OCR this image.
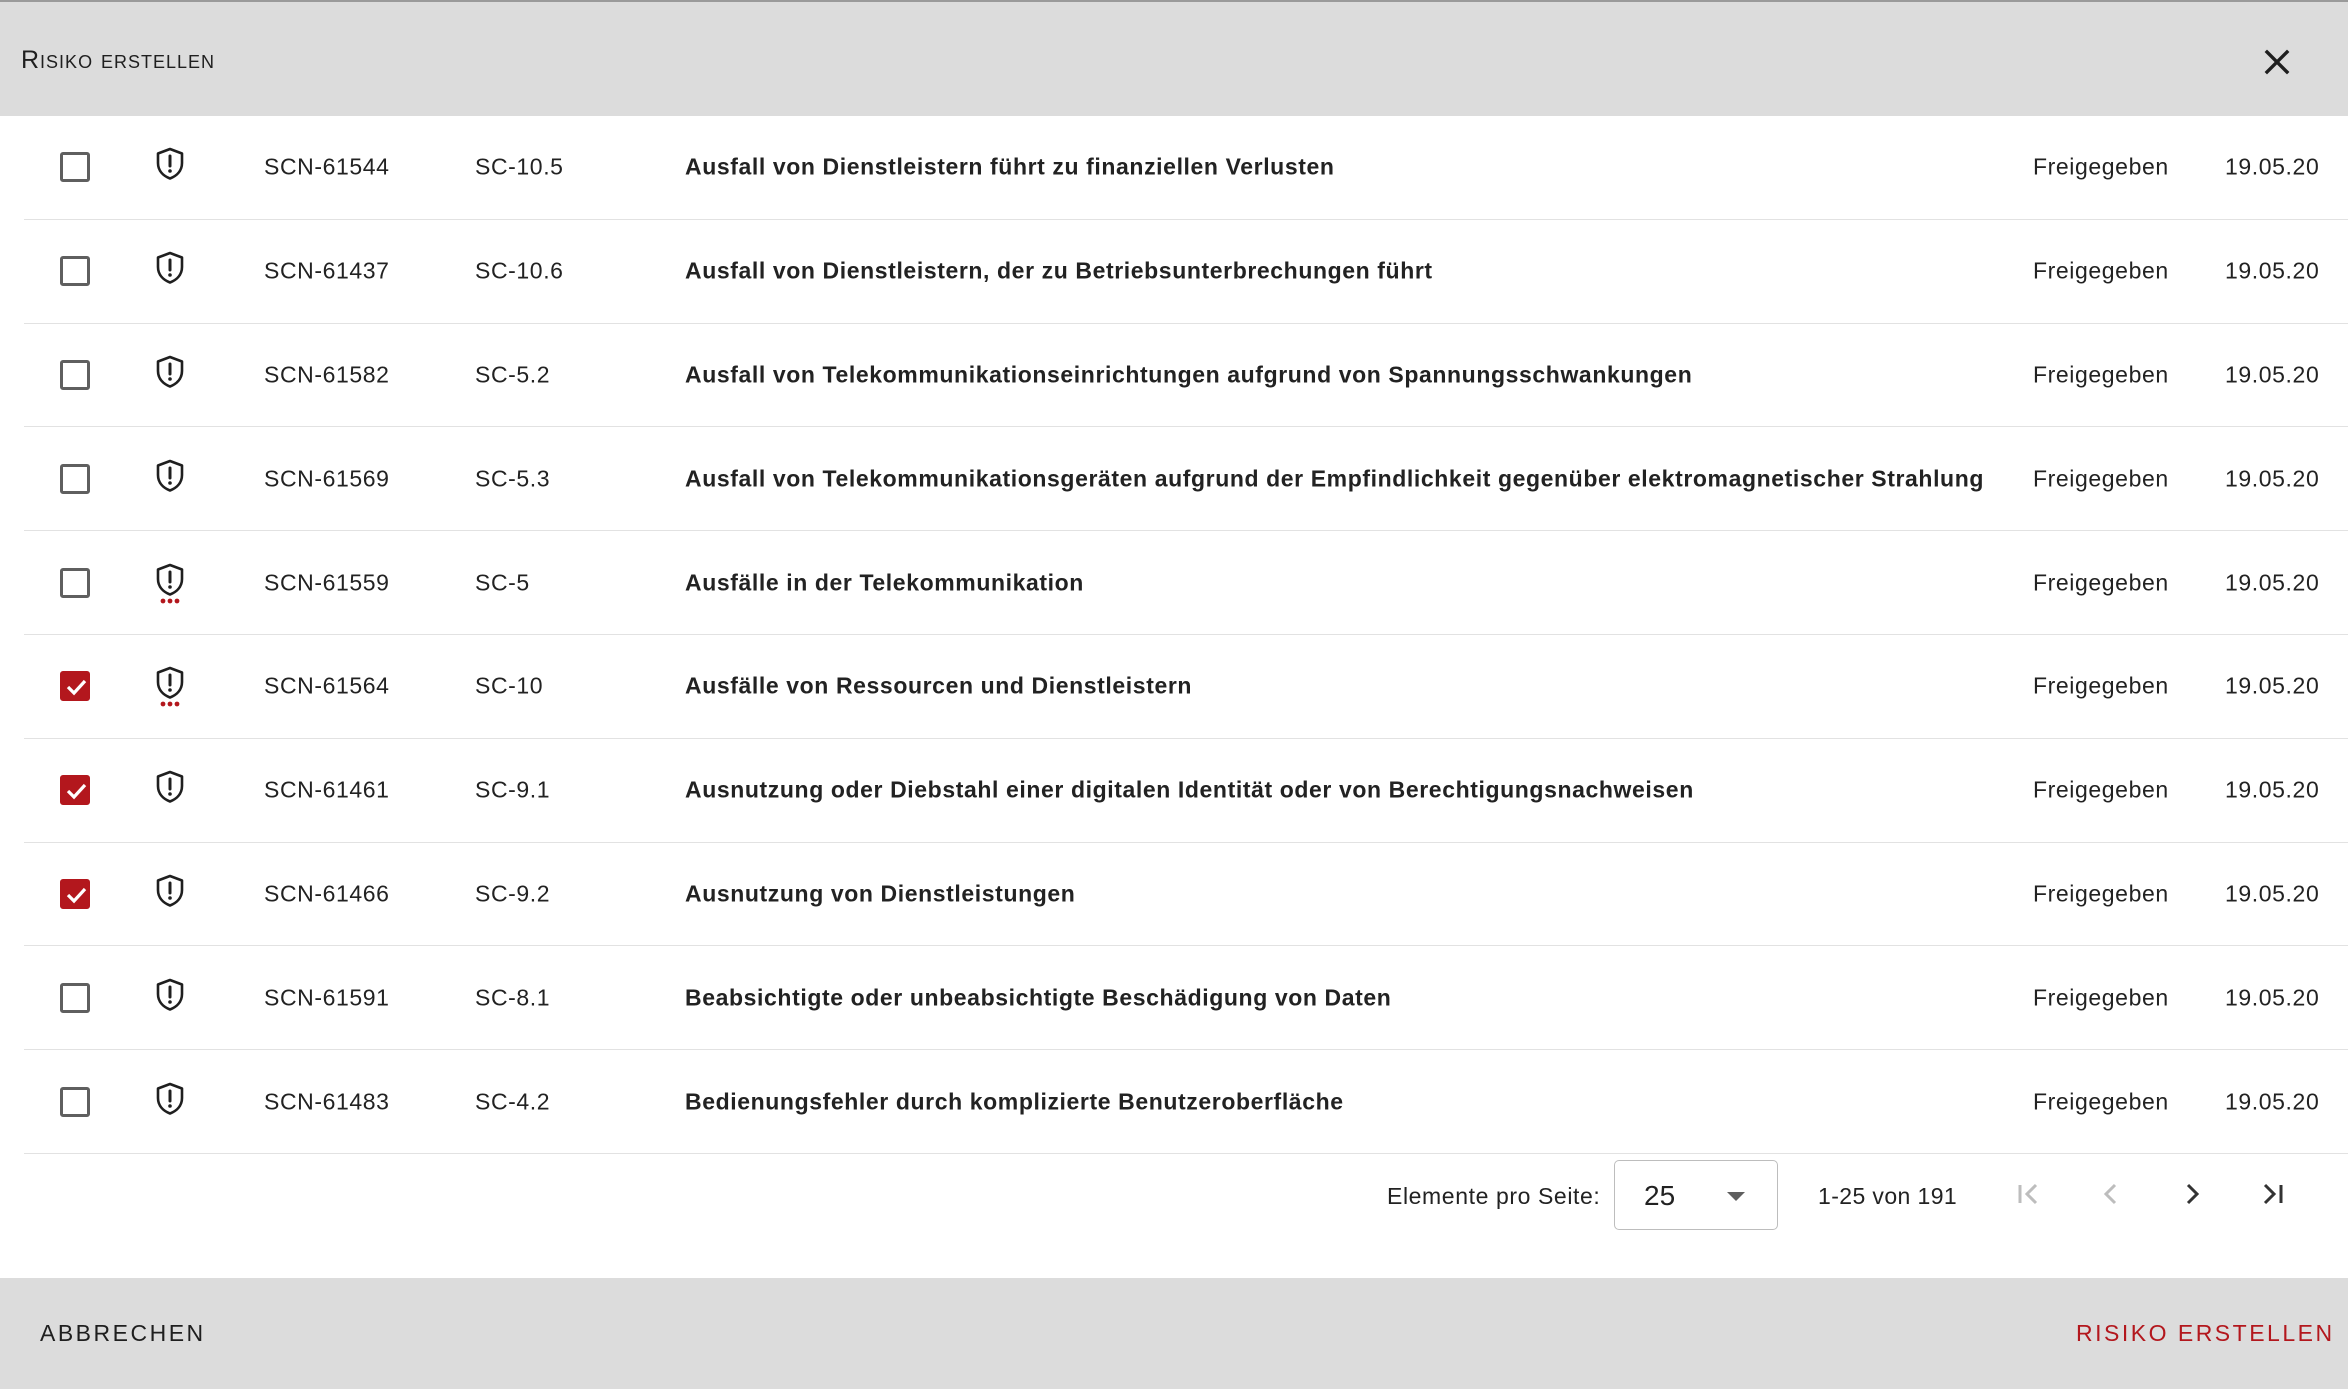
Risiko erstellen
SCN-61544	SC-10.5	Ausfall von Dienstleistern führt zu finanziellen Verlusten	Freigegeben 19.05.20
SCN-61437	SC-10.6	Ausfall von Dienstleistern, der zu Betriebsunterbrechungen führt	Freigegeben 19.05.20
SCN-61582	SC-5.2	Ausfall von Telekommunikationseinrichtungen aufgrund von Spannungsschwankungen	Freigegeben 19.05.20
SCN-61569	SC-5.3	Ausfall von Telekommunikationsgeräten aufgrund der Empfindlichkeit gegenüber elektromagnetischer Strahlung Freigegeben 19.05.20
SCN-61559	SC-5	Ausfälle in der Telekommunikation	Freigegeben 19.05.20
SCN-61564	SC-10	Ausfälle von Ressourcen und Dienstleistern	Freigegeben 19.05.20
SCN-61461	SC-9.1	Ausnutzung oder Diebstahl einer digitalen Identität oder von Berechtigungsnachweisen	Freigegeben 19.05.20
SCN-61466	SC-9.2	Ausnutzung von Dienstleistungen	Freigegeben 19.05.20
SCN-61591	SC-8.1	Beabsichtigte oder unbeabsichtigte Beschädigung von Daten	Freigegeben 19.05.20
SCN-61483	SC-4.2	Bedienungsfehler durch komplizierte Benutzeroberfläche	Freigegeben 19.05.20
Elemente pro Seite: 25	1-25 von 191
ABBRECHEN	RISIKO ERSTELLEN
